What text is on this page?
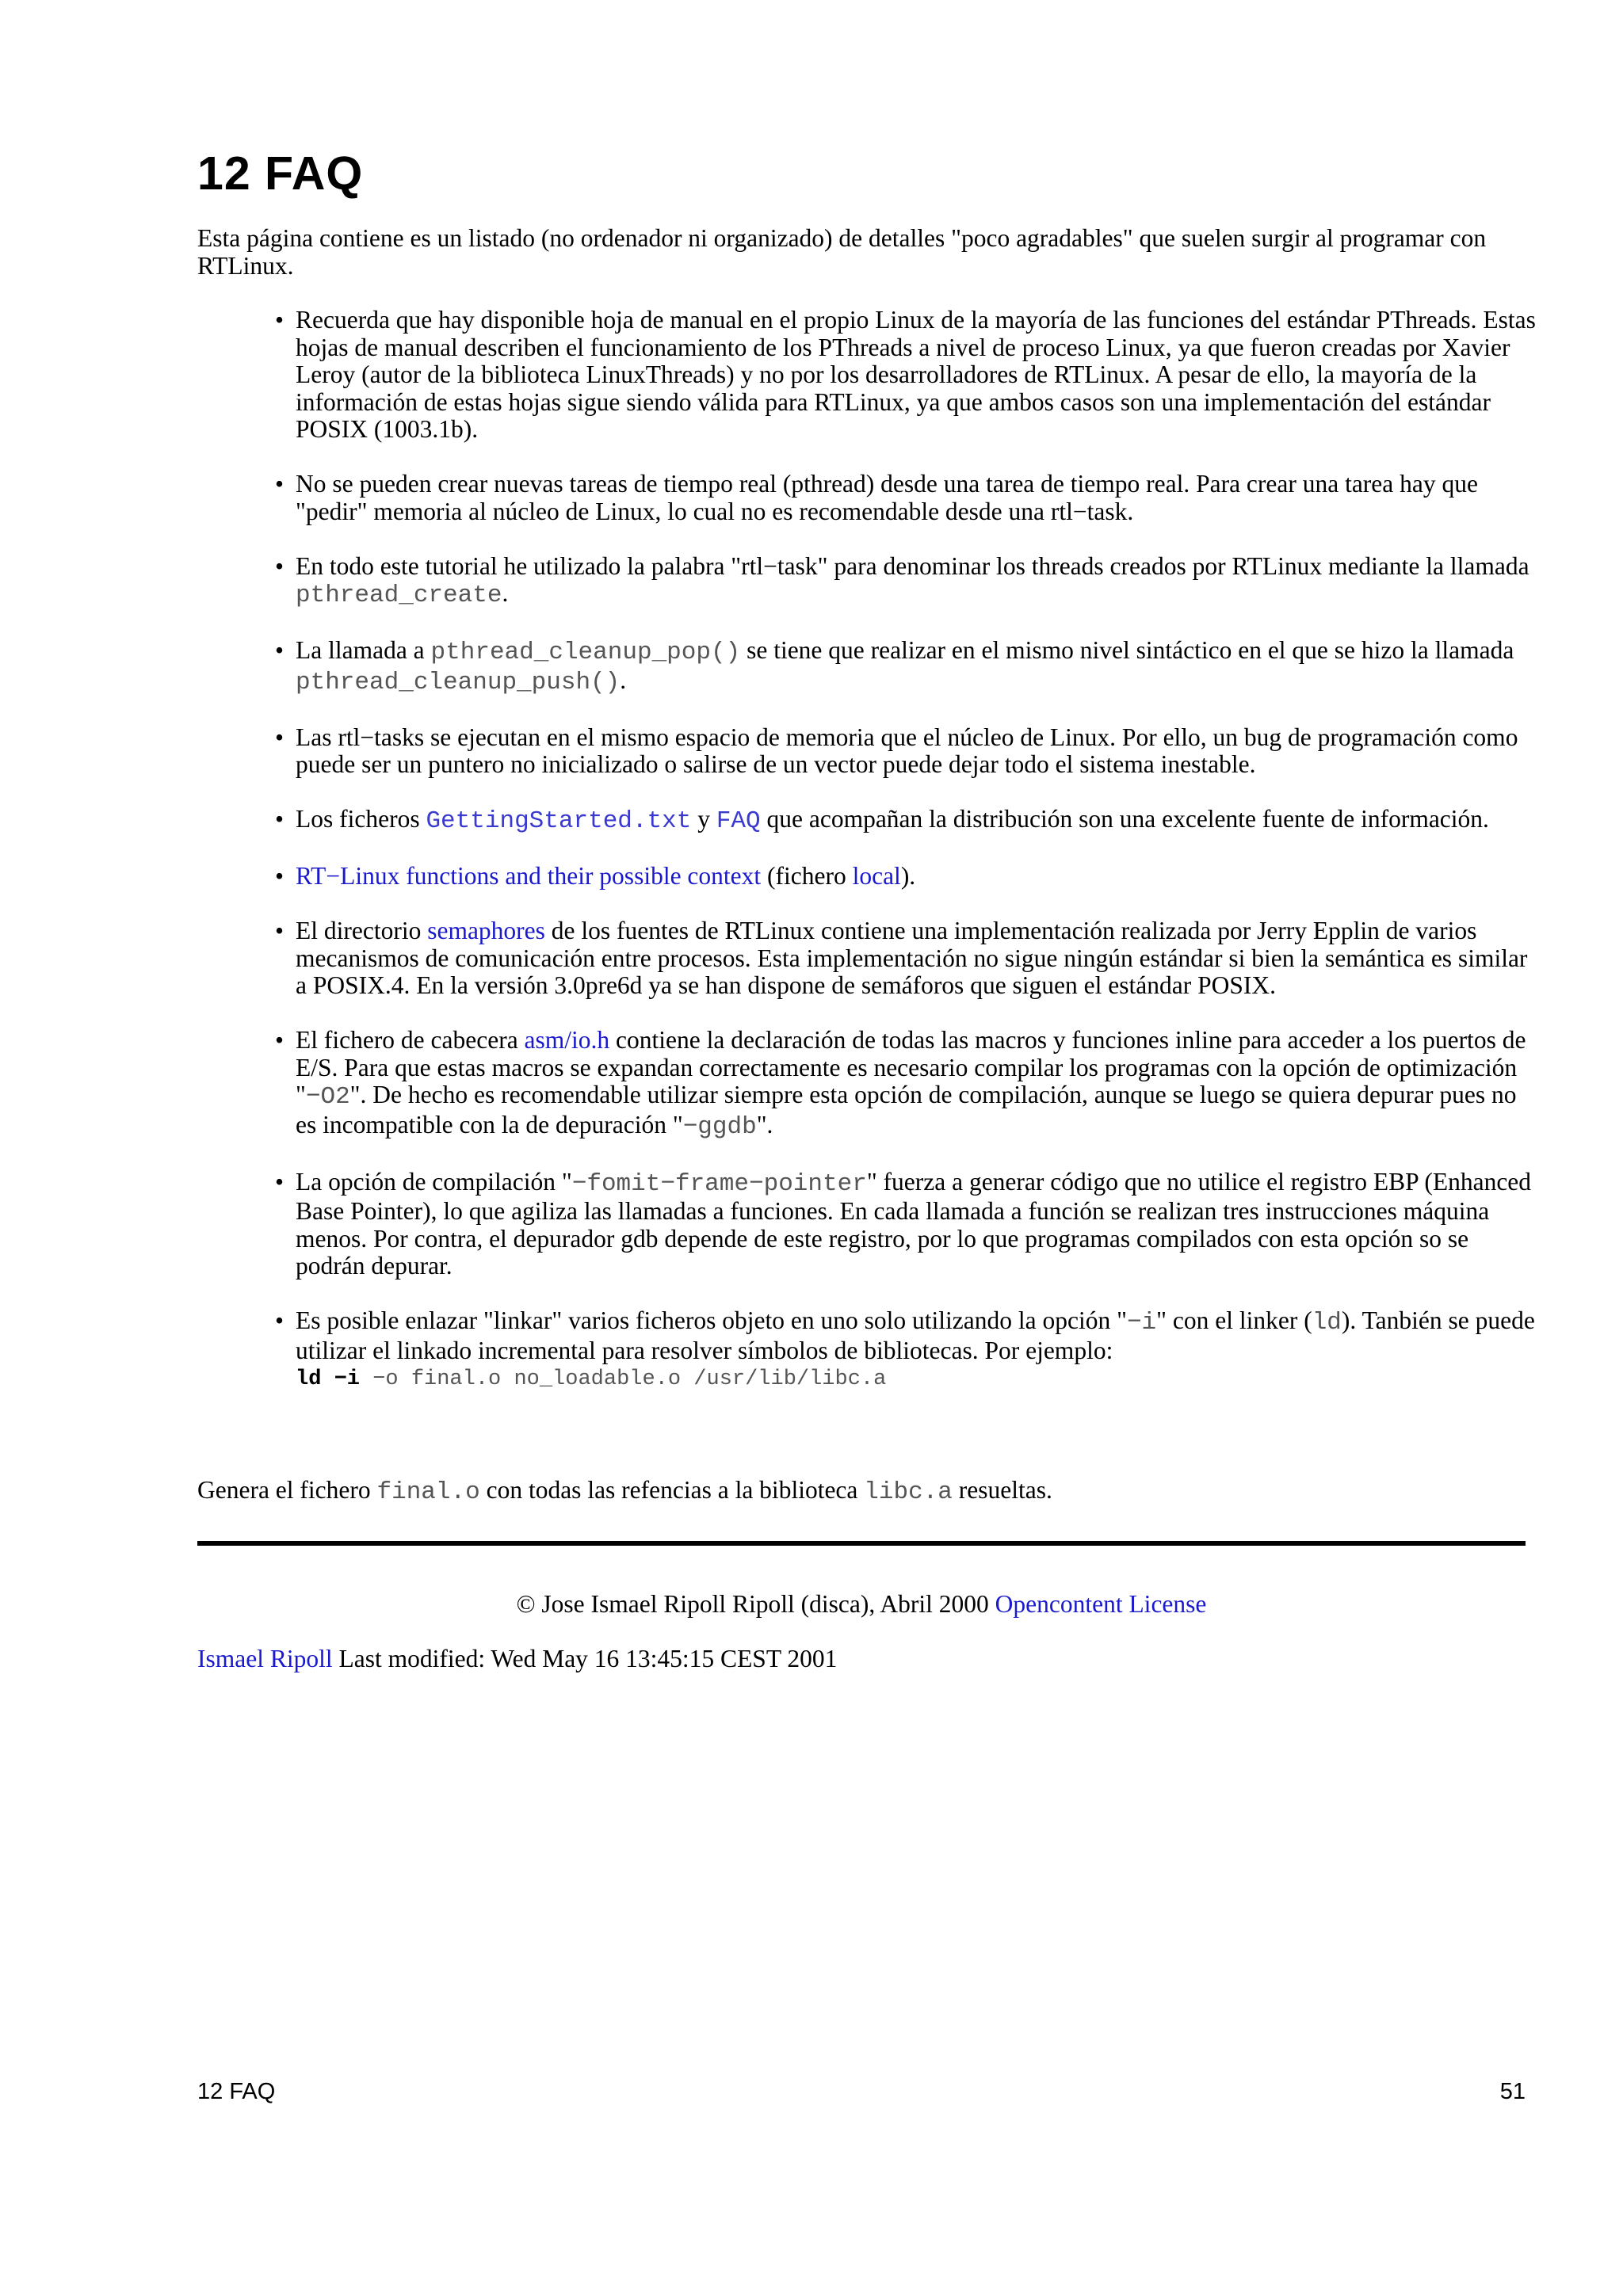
12 FAQ

Esta página contiene es un listado (no ordenador ni organizado) de detalles "poco agradables" que suelen surgir al programar con RTLinux.

• Recuerda que hay disponible hoja de manual en el propio Linux de la mayoría de las funciones del estándar PThreads. Estas hojas de manual describen el funcionamiento de los PThreads a nivel de proceso Linux, ya que fueron creadas por Xavier Leroy (autor de la biblioteca LinuxThreads) y no por los desarrolladores de RTLinux. A pesar de ello, la mayoría de la información de estas hojas sigue siendo válida para RTLinux, ya que ambos casos son una implementación del estándar POSIX (1003.1b).
• No se pueden crear nuevas tareas de tiempo real (pthread) desde una tarea de tiempo real. Para crear una tarea hay que "pedir" memoria al núcleo de Linux, lo cual no es recomendable desde una rtl−task.
• En todo este tutorial he utilizado la palabra "rtl−task" para denominar los threads creados por RTLinux mediante la llamada pthread_create.
• La llamada a pthread_cleanup_pop() se tiene que realizar en el mismo nivel sintáctico en el que se hizo la llamada pthread_cleanup_push().
• Las rtl−tasks se ejecutan en el mismo espacio de memoria que el núcleo de Linux. Por ello, un bug de programación como puede ser un puntero no inicializado o salirse de un vector puede dejar todo el sistema inestable.
• Los ficheros GettingStarted.txt y FAQ que acompañan la distribución son una excelente fuente de información.
• RT−Linux functions and their possible context (fichero local).
• El directorio semaphores de los fuentes de RTLinux contiene una implementación realizada por Jerry Epplin de varios mecanismos de comunicación entre procesos. Esta implementación no sigue ningún estándar si bien la semántica es similar a POSIX.4. En la versión 3.0pre6d ya se han dispone de semáforos que siguen el estándar POSIX.
• El fichero de cabecera asm/io.h contiene la declaración de todas las macros y funciones inline para acceder a los puertos de E/S. Para que estas macros se expandan correctamente es necesario compilar los programas con la opción de optimización "−O2". De hecho es recomendable utilizar siempre esta opción de compilación, aunque se luego se quiera depurar pues no es incompatible con la de depuración "−ggdb".
• La opción de compilación "−fomit−frame−pointer" fuerza a generar código que no utilice el registro EBP (Enhanced Base Pointer), lo que agiliza las llamadas a funciones. En cada llamada a función se realizan tres instrucciones máquina menos. Por contra, el depurador gdb depende de este registro, por lo que programas compilados con esta opción so se podrán depurar.
• Es posible enlazar "linkar" varios ficheros objeto en uno solo utilizando la opción "−i" con el linker (ld). Tanbién se puede utilizar el linkado incremental para resolver símbolos de bibliotecas. Por ejemplo:
ld −i −o final.o no_loadable.o /usr/lib/libc.a

Genera el fichero final.o con todas las refencias a la biblioteca libc.a resueltas.

© Jose Ismael Ripoll Ripoll (disca), Abril 2000 Opencontent License

Ismael Ripoll Last modified: Wed May 16 13:45:15 CEST 2001

12 FAQ	51
